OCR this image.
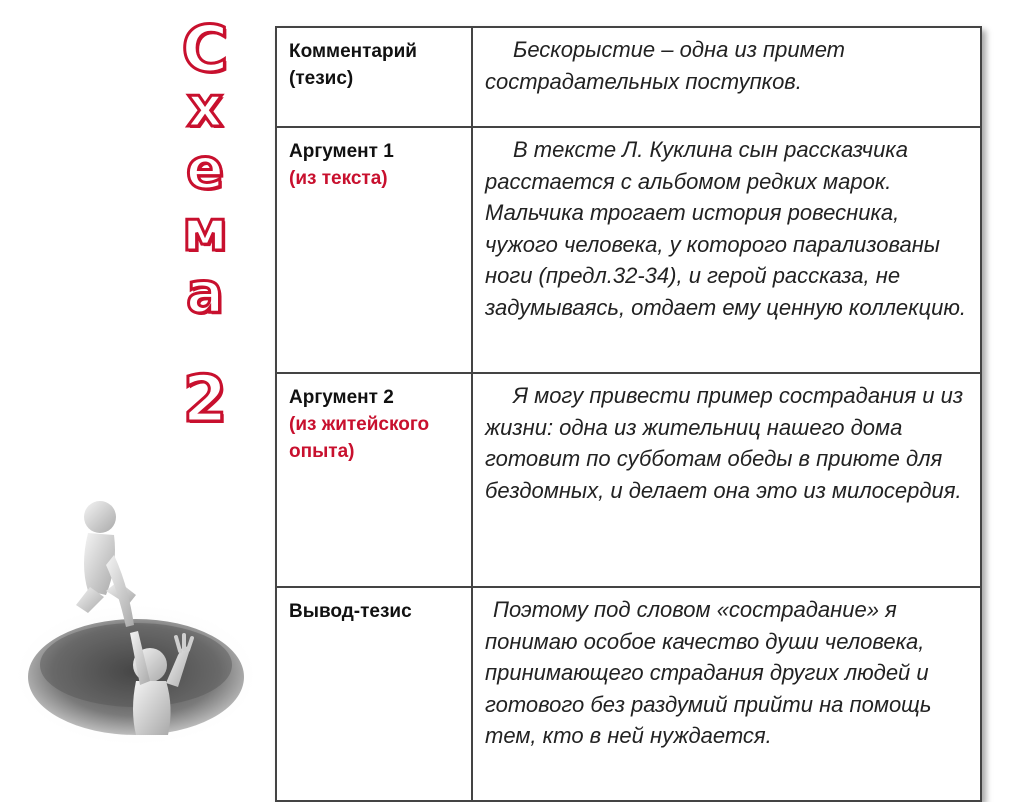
С
х
е
м
а
2
Комментарий (тезис)	Бескорыстие – одна из примет сострадательных поступков.

Аргумент 1
(из текста)	В тексте Л. Куклина сын рассказчика расстается с альбомом редких марок. Мальчика трогает история ровесника, чужого человека, у которого парализованы ноги (предл.32-34), и герой рассказа, не задумываясь, отдает ему ценную коллекцию.

Аргумент 2
(из житейского опыта)	Я могу привести пример сострадания и из жизни: одна из жительниц нашего дома готовит по субботам обеды в приюте для бездомных, и делает она это из милосердия.

Вывод-тезис	Поэтому под словом «сострадание» я понимаю особое качество души человека, принимающего страдания других людей и готового без раздумий прийти на помощь тем, кто в ней нуждается.
